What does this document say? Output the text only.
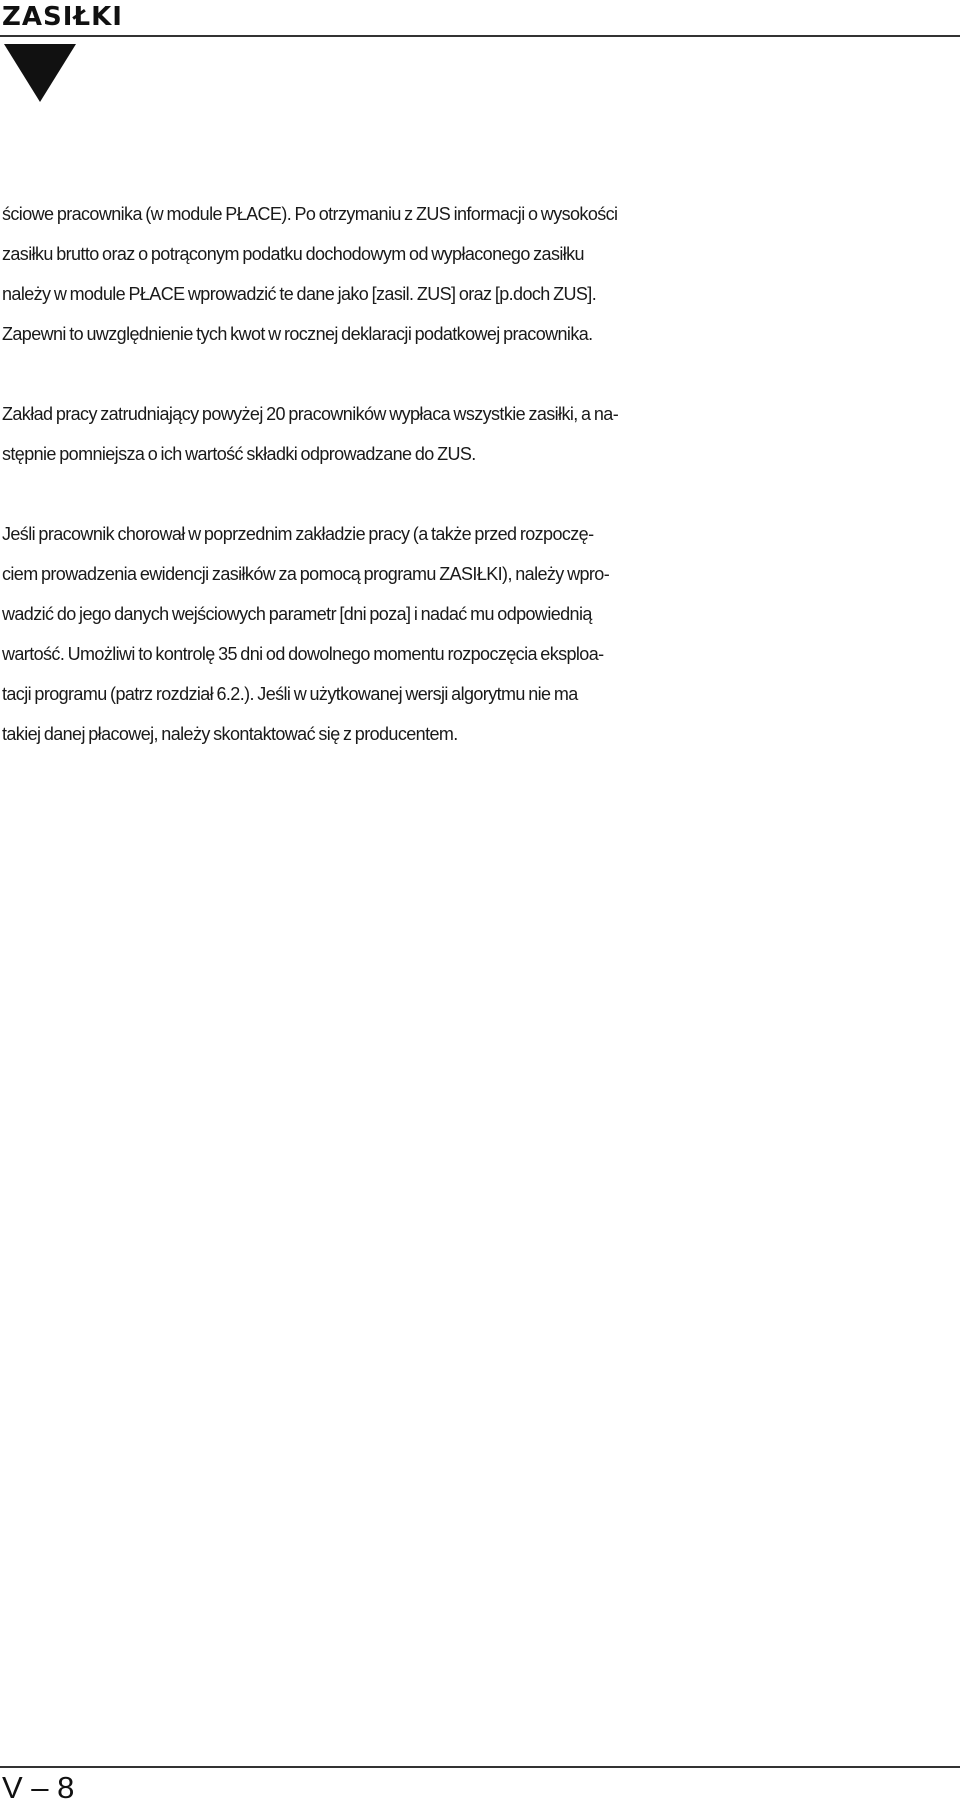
ZASIŁKI

ściowe pracownika (w module PŁACE). Po otrzymaniu z ZUS informacji o wysokości
zasiłku brutto oraz o potrąconym podatku dochodowym od wypłaconego zasiłku
należy w module PŁACE wprowadzić te dane jako [zasil. ZUS] oraz [p.doch ZUS].
Zapewni to uwzględnienie tych kwot w rocznej deklaracji podatkowej pracownika.

Zakład pracy zatrudniający powyżej 20 pracowników wypłaca wszystkie zasiłki, a na-
stępnie pomniejsza o ich wartość składki odprowadzane do ZUS.

Jeśli pracownik chorował w poprzednim zakładzie pracy (a także przed rozpoczę-
ciem prowadzenia ewidencji zasiłków za pomocą programu ZASIŁKI), należy wpro-
wadzić do jego danych wejściowych parametr [dni poza] i nadać mu odpowiednią
wartość. Umożliwi to kontrolę 35 dni od dowolnego momentu rozpoczęcia eksploa-
tacji programu (patrz rozdział 6.2.). Jeśli w użytkowanej wersji algorytmu nie ma
takiej danej płacowej, należy skontaktować się z producentem.

V – 8
